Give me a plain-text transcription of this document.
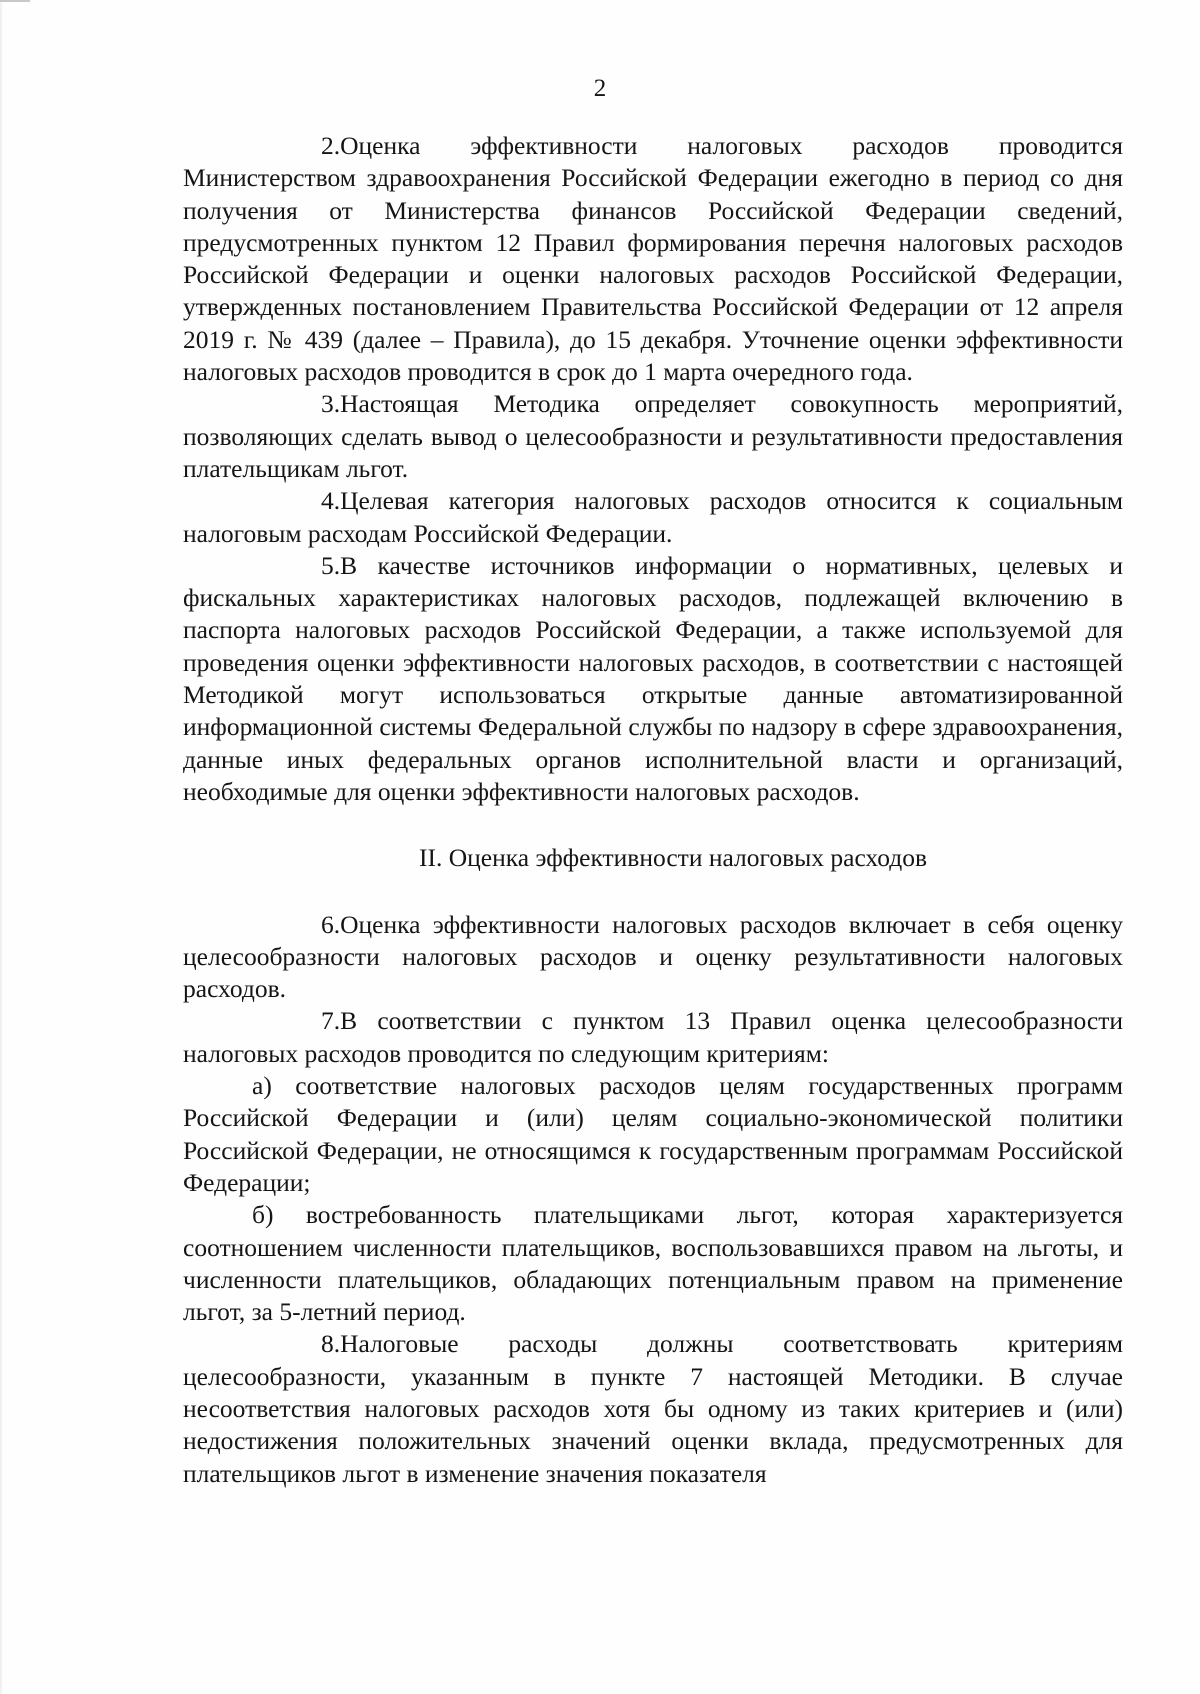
2

2.Оценка эффективности налоговых расходов проводится Министерством здравоохранения Российской Федерации ежегодно в период со дня получения от Министерства финансов Российской Федерации сведений, предусмотренных пунктом 12 Правил формирования перечня налоговых расходов Российской Федерации и оценки налоговых расходов Российской Федерации, утвержденных постановлением Правительства Российской Федерации от 12 апреля 2019 г. № 439 (далее – Правила), до 15 декабря. Уточнение оценки эффективности налоговых расходов проводится в срок до 1 марта очередного года.

3.Настоящая Методика определяет совокупность мероприятий, позволяющих сделать вывод о целесообразности и результативности предоставления плательщикам льгот.

4.Целевая категория налоговых расходов относится к социальным налоговым расходам Российской Федерации.

5.В качестве источников информации о нормативных, целевых и фискальных характеристиках налоговых расходов, подлежащей включению в паспорта налоговых расходов Российской Федерации, а также используемой для проведения оценки эффективности налоговых расходов, в соответствии с настоящей Методикой могут использоваться открытые данные автоматизированной информационной системы Федеральной службы по надзору в сфере здравоохранения, данные иных федеральных органов исполнительной власти и организаций, необходимые для оценки эффективности налоговых расходов.

II. Оценка эффективности налоговых расходов

6.Оценка эффективности налоговых расходов включает в себя оценку целесообразности налоговых расходов и оценку результативности налоговых расходов.

7.В соответствии с пунктом 13 Правил оценка целесообразности налоговых расходов проводится по следующим критериям:

а) соответствие налоговых расходов целям государственных программ Российской Федерации и (или) целям социально-экономической политики Российской Федерации, не относящимся к государственным программам Российской Федерации;

б) востребованность плательщиками льгот, которая характеризуется соотношением численности плательщиков, воспользовавшихся правом на льготы, и численности плательщиков, обладающих потенциальным правом на применение льгот, за 5-летний период.

8.Налоговые расходы должны соответствовать критериям целесообразности, указанным в пункте 7 настоящей Методики. В случае несоответствия налоговых расходов хотя бы одному из таких критериев и (или) недостижения положительных значений оценки вклада, предусмотренных для плательщиков льгот в изменение значения показателя
